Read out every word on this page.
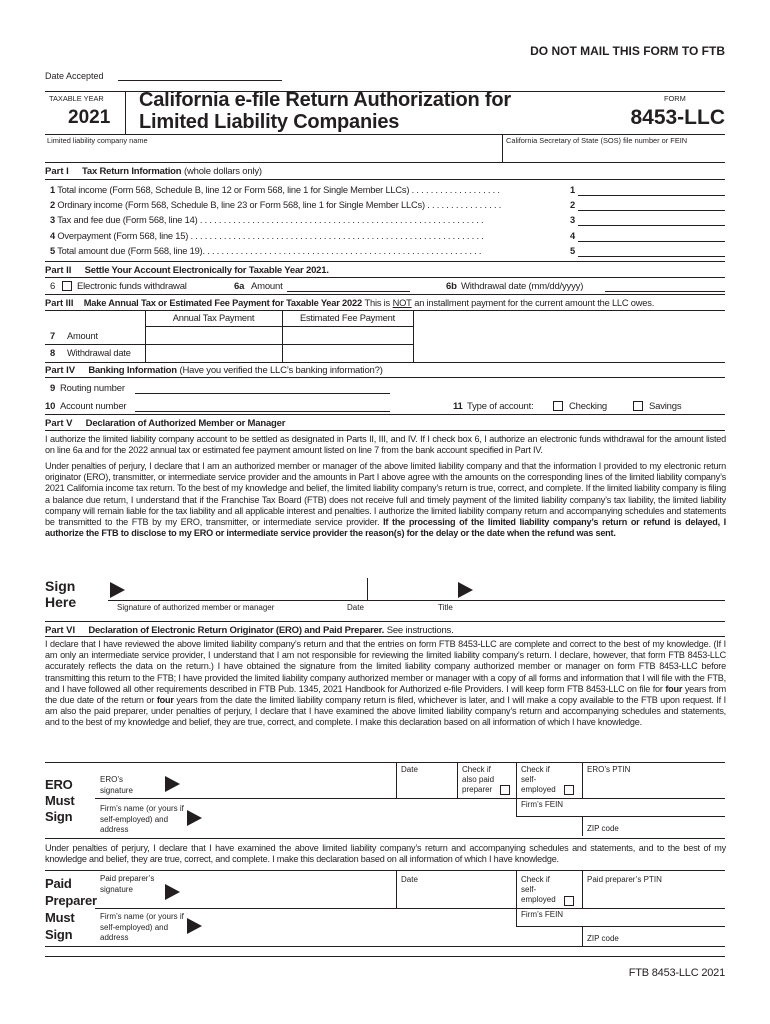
DO NOT MAIL THIS FORM TO FTB
Date Accepted
TAXABLE YEAR
2021
California e-file Return Authorization for
Limited Liability Companies
FORM
8453-LLC
Limited liability company name	California Secretary of State (SOS) file number or FEIN
Part I Tax Return Information (whole dollars only)
1 Total income (Form 568, Schedule B, line 12 or Form 568, line 1 for Single Member LLCs) . . . . . . . . . . . . . . . . . . .	1
2 Ordinary income (Form 568, Schedule B, line 23 or Form 568, line 1 for Single Member LLCs) . . . . . . . . . . . . . . . .	2
3 Tax and fee due (Form 568, line 14) . . . . . . . . . . . . . . . . . . . . . . . . . . . . . . . . . . . . . . . . . . . . . . . . . . . . . . . . . . . .	3
4 Overpayment (Form 568, line 15) . . . . . . . . . . . . . . . . . . . . . . . . . . . . . . . . . . . . . . . . . . . . . . . . . . . . . . . . . . . . . .	4
5 Total amount due (Form 568, line 19). . . . . . . . . . . . . . . . . . . . . . . . . . . . . . . . . . . . . . . . . . . . . . . . . . . . . . . . . . .	5
Part II Settle Your Account Electronically for Taxable Year 2021.
6 Electronic funds withdrawal	6a Amount	6b Withdrawal date (mm/dd/yyyy)
Part III Make Annual Tax or Estimated Fee Payment for Taxable Year 2022 This is NOT an installment payment for the current amount the LLC owes.
Annual Tax Payment	Estimated Fee Payment
7 Amount
8 Withdrawal date
Part IV Banking Information (Have you verified the LLC’s banking information?)
9 Routing number
10 Account number	11 Type of account:	Checking	Savings
Part V Declaration of Authorized Member or Manager
I authorize the limited liability company account to be settled as designated in Parts II, III, and IV. If I check box 6, I authorize an electronic funds withdrawal for the amount listed on line 6a and for the 2022 annual tax or estimated fee payment amount listed on line 7 from the bank account specified in Part IV.
Under penalties of perjury, I declare that I am an authorized member or manager of the above limited liability company and that the information I provided to my electronic return originator (ERO), transmitter, or intermediate service provider and the amounts in Part I above agree with the amounts on the corresponding lines of the limited liability company’s 2021 California income tax return. To the best of my knowledge and belief, the limited liability company’s return is true, correct, and complete. If the limited liability company is filing a balance due return, I understand that if the Franchise Tax Board (FTB) does not receive full and timely payment of the limited liability company’s tax liability, the limited liability company will remain liable for the tax liability and all applicable interest and penalties. I authorize the limited liability company return and accompanying schedules and statements be transmitted to the FTB by my ERO, transmitter, or intermediate service provider. If the processing of the limited liability company’s return or refund is delayed, I authorize the FTB to disclose to my ERO or intermediate service provider the reason(s) for the delay or the date when the refund was sent.
Sign
Here	Signature of authorized member or manager	Date	Title
Part VI Declaration of Electronic Return Originator (ERO) and Paid Preparer. See instructions.
I declare that I have reviewed the above limited liability company’s return and that the entries on form FTB 8453-LLC are complete and correct to the best of my knowledge. (If I am only an intermediate service provider, I understand that I am not responsible for reviewing the limited liability company’s return. I declare, however, that form FTB 8453-LLC accurately reflects the data on the return.) I have obtained the signature from the limited liability company authorized member or manager on form FTB 8453-LLC before transmitting this return to the FTB; I have provided the limited liability company authorized member or manager with a copy of all forms and information that I will file with the FTB, and I have followed all other requirements described in FTB Pub. 1345, 2021 Handbook for Authorized e-file Providers. I will keep form FTB 8453-LLC on file for four years from the due date of the return or four years from the date the limited liability company return is filed, whichever is later, and I will make a copy available to the FTB upon request. If I am also the paid preparer, under penalties of perjury, I declare that I have examined the above limited liability company’s return and accompanying schedules and statements, and to the best of my knowledge and belief, they are true, correct, and complete. I make this declaration based on all information of which I have knowledge.
ERO
Must
Sign
ERO’s signature
Date	Check if also paid preparer
Check if self-employed
ERO’s PTIN
Firm’s name (or yours if self-employed) and address
Firm’s FEIN
ZIP code
Under penalties of perjury, I declare that I have examined the above limited liability company’s return and accompanying schedules and statements, and to the best of my knowledge and belief, they are true, correct, and complete. I make this declaration based on all information of which I have knowledge.
Paid
Preparer
Must
Sign
Paid preparer’s signature
Date	Check if self-employed
Paid preparer’s PTIN
Firm’s name (or yours if self-employed) and address
Firm’s FEIN
ZIP code
FTB 8453-LLC 2021
